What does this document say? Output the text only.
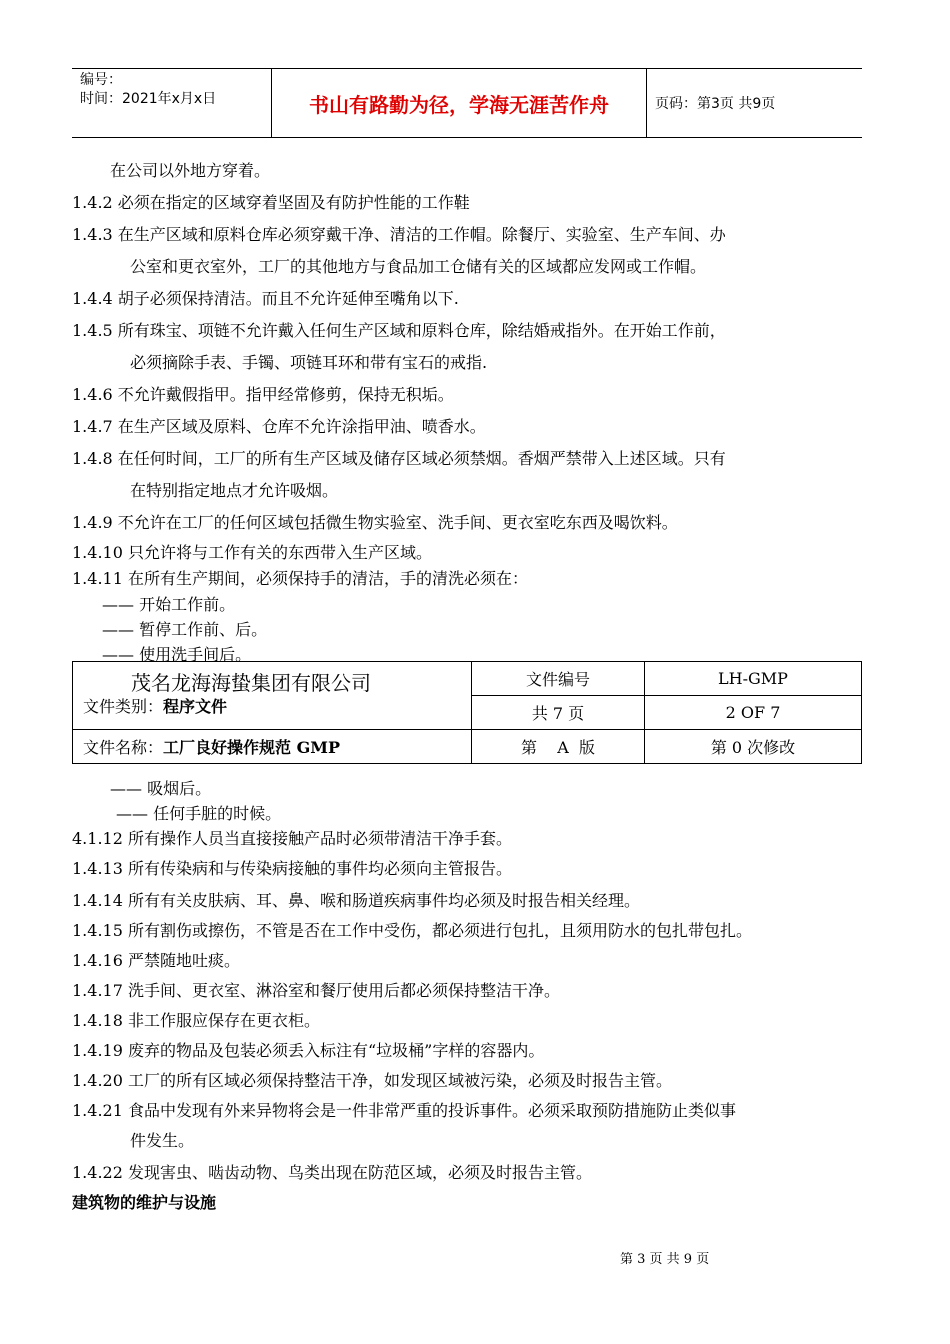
编号：
时间：2021年x月x日	书山有路勤为径，学海无涯苦作舟	页码：第3页 共9页
在公司以外地方穿着。
1.4.2 必须在指定的区域穿着坚固及有防护性能的工作鞋
1.4.3 在生产区域和原料仓库必须穿戴干净、清洁的工作帽。除餐厅、实验室、生产车间、办
公室和更衣室外，工厂的其他地方与食品加工仓储有关的区域都应发网或工作帽。
1.4.4 胡子必须保持清洁。而且不允许延伸至嘴角以下.
1.4.5 所有珠宝、项链不允许戴入任何生产区域和原料仓库，除结婚戒指外。在开始工作前，
必须摘除手表、手镯、项链耳环和带有宝石的戒指.
1.4.6 不允许戴假指甲。指甲经常修剪，保持无积垢。
1.4.7 在生产区域及原料、仓库不允许涂指甲油、喷香水。
1.4.8 在任何时间，工厂的所有生产区域及储存区域必须禁烟。香烟严禁带入上述区域。只有
在特别指定地点才允许吸烟。
1.4.9 不允许在工厂的任何区域包括微生物实验室、洗手间、更衣室吃东西及喝饮料。
1.4.10 只允许将与工作有关的东西带入生产区域。
1.4.11 在所有生产期间，必须保持手的清洁，手的清洗必须在：
—— 开始工作前。
—— 暂停工作前、后。
—— 使用洗手间后。
茂名龙海海蛰集团有限公司
文件类别：程序文件	文件编号	LH-GMP
	共 7 页	2 OF 7
文件名称：工厂良好操作规范 GMP	第    A  版	第 0 次修改
—— 吸烟后。
—— 任何手脏的时候。
4.1.12 所有操作人员当直接接触产品时必须带清洁干净手套。
1.4.13 所有传染病和与传染病接触的事件均必须向主管报告。
1.4.14 所有有关皮肤病、耳、鼻、喉和肠道疾病事件均必须及时报告相关经理。
1.4.15 所有割伤或擦伤，不管是否在工作中受伤，都必须进行包扎，且须用防水的包扎带包扎。
1.4.16 严禁随地吐痰。
1.4.17 洗手间、更衣室、淋浴室和餐厅使用后都必须保持整洁干净。
1.4.18 非工作服应保存在更衣柜。
1.4.19 废弃的物品及包装必须丢入标注有“垃圾桶”字样的容器内。
1.4.20 工厂的所有区域必须保持整洁干净，如发现区域被污染，必须及时报告主管。
1.4.21 食品中发现有外来异物将会是一件非常严重的投诉事件。必须采取预防措施防止类似事
件发生。
1.4.22 发现害虫、啮齿动物、鸟类出现在防范区域，必须及时报告主管。
建筑物的维护与设施
第 3 页 共 9 页
